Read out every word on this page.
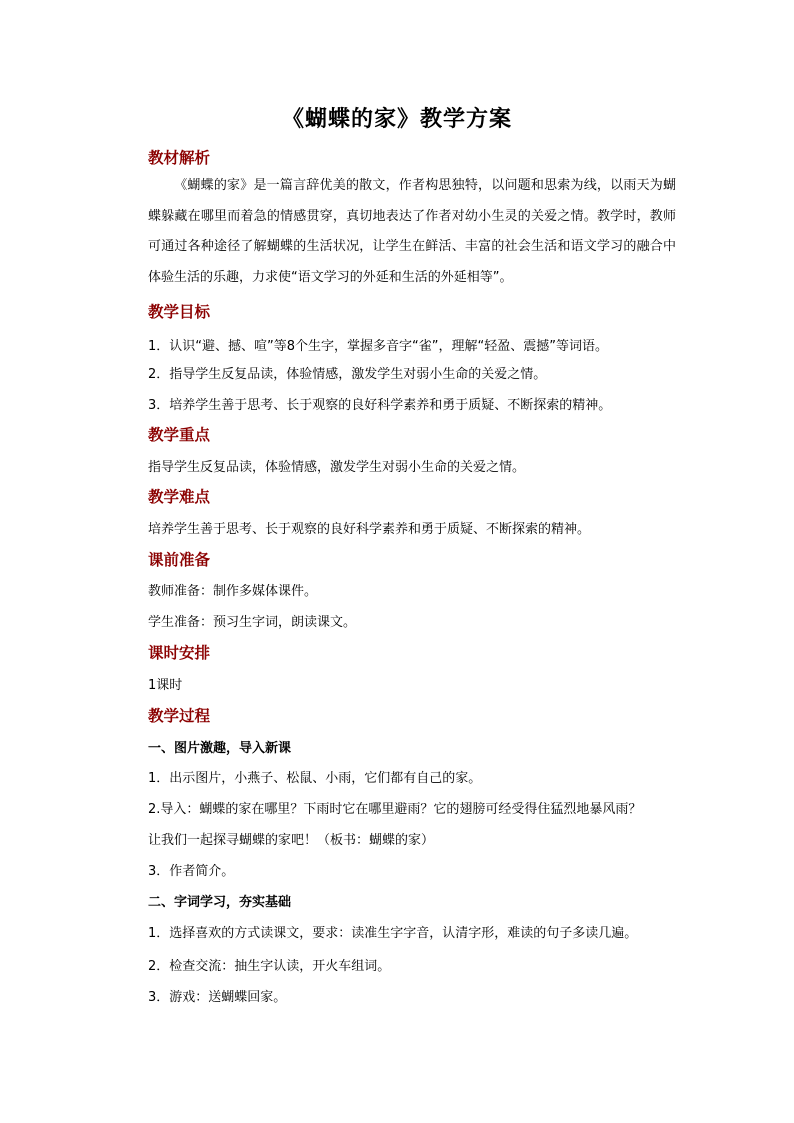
《蝴蝶的家》教学方案
教材解析
《蝴蝶的家》是一篇言辞优美的散文，作者构思独特，以问题和思索为线，以雨天为蝴蝶躲藏在哪里而着急的情感贯穿，真切地表达了作者对幼小生灵的关爱之情。教学时，教师可通过各种途径了解蝴蝶的生活状况，让学生在鲜活、丰富的社会生活和语文学习的融合中体验生活的乐趣，力求使“语文学习的外延和生活的外延相等”。
教学目标
1．认识“避、撼、喧”等8个生字，掌握多音字“雀”，理解“轻盈、震撼”等词语。
2．指导学生反复品读，体验情感，激发学生对弱小生命的关爱之情。
3．培养学生善于思考、长于观察的良好科学素养和勇于质疑、不断探索的精神。
教学重点
指导学生反复品读，体验情感，激发学生对弱小生命的关爱之情。
教学难点
培养学生善于思考、长于观察的良好科学素养和勇于质疑、不断探索的精神。
课前准备
教师准备：制作多媒体课件。
学生准备：预习生字词，朗读课文。
课时安排
1课时
教学过程
一、图片激趣，导入新课
1．出示图片，小燕子、松鼠、小雨，它们都有自己的家。
2.导入：蝴蝶的家在哪里？下雨时它在哪里避雨？它的翅膀可经受得住猛烈地暴风雨？
让我们一起探寻蝴蝶的家吧！（板书：蝴蝶的家）
3．作者简介。
二、字词学习，夯实基础
1．选择喜欢的方式读课文，要求：读准生字字音，认清字形，难读的句子多读几遍。
2．检查交流：抽生字认读，开火车组词。
3．游戏：送蝴蝶回家。
